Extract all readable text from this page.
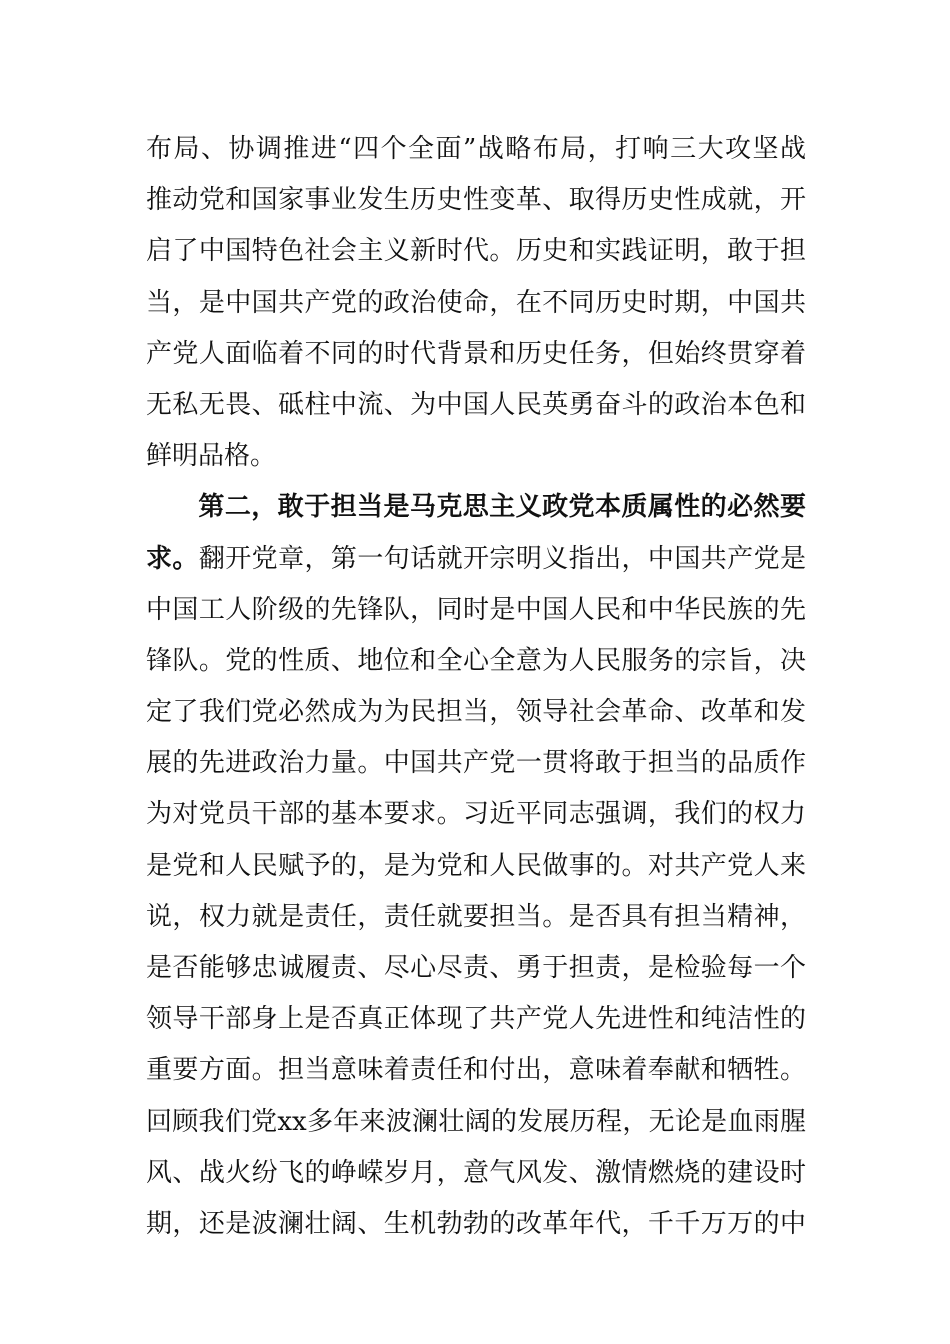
布局、协调推进“四个全面”战略布局，打响三大攻坚战
推动党和国家事业发生历史性变革、取得历史性成就，开
启了中国特色社会主义新时代。历史和实践证明，敢于担
当，是中国共产党的政治使命，在不同历史时期，中国共
产党人面临着不同的时代背景和历史任务，但始终贯穿着
无私无畏、砥柱中流、为中国人民英勇奋斗的政治本色和
鲜明品格。
第二，敢于担当是马克思主义政党本质属性的必然要
求。翻开党章，第一句话就开宗明义指出，中国共产党是
中国工人阶级的先锋队，同时是中国人民和中华民族的先
锋队。党的性质、地位和全心全意为人民服务的宗旨，决
定了我们党必然成为为民担当，领导社会革命、改革和发
展的先进政治力量。中国共产党一贯将敢于担当的品质作
为对党员干部的基本要求。习近平同志强调，我们的权力
是党和人民赋予的，是为党和人民做事的。对共产党人来
说，权力就是责任，责任就要担当。是否具有担当精神，
是否能够忠诚履责、尽心尽责、勇于担责，是检验每一个
领导干部身上是否真正体现了共产党人先进性和纯洁性的
重要方面。担当意味着责任和付出，意味着奉献和牺牲。
回顾我们党xx多年来波澜壮阔的发展历程，无论是血雨腥
风、战火纷飞的峥嵘岁月，意气风发、激情燃烧的建设时
期，还是波澜壮阔、生机勃勃的改革年代，千千万万的中
